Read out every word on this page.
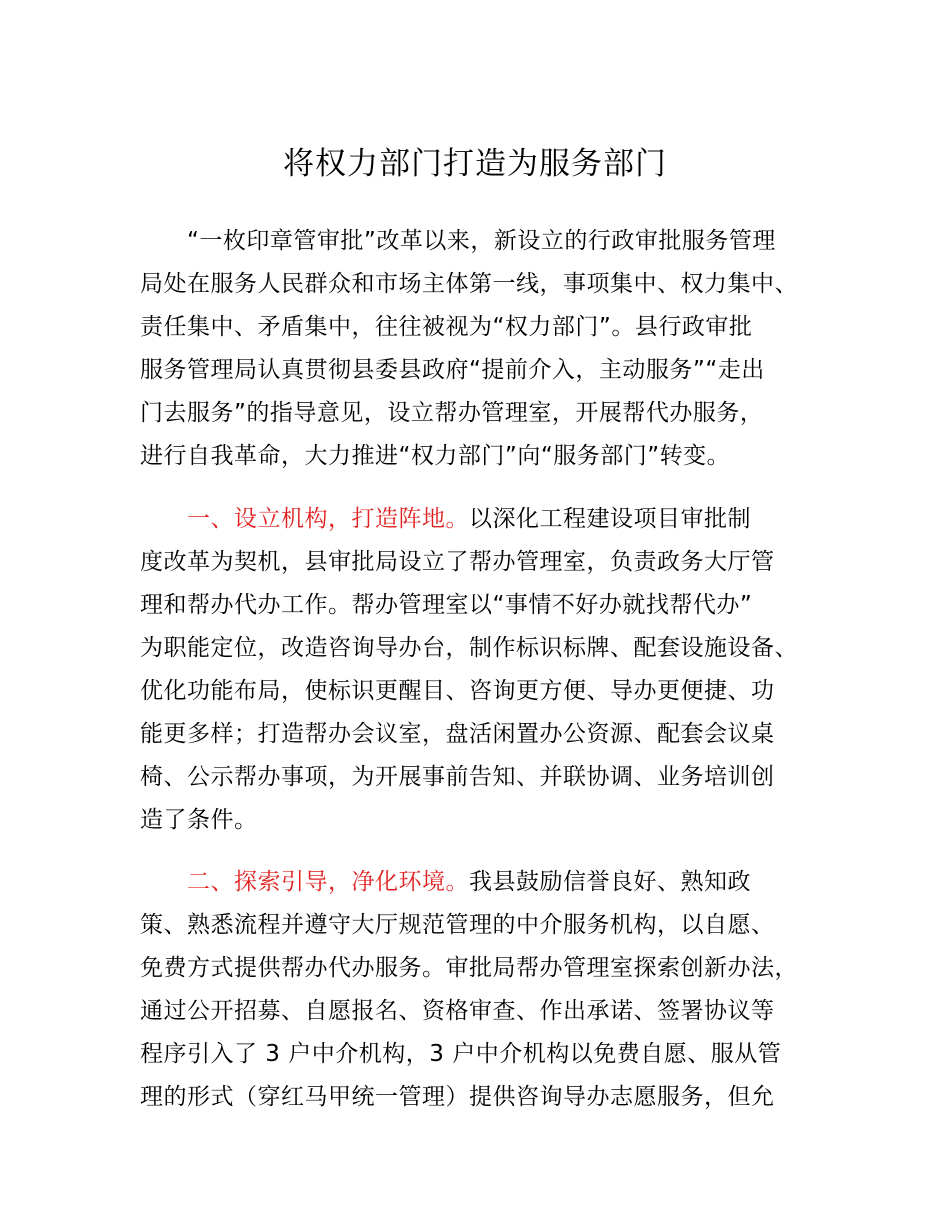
将权力部门打造为服务部门
“一枚印章管审批”改革以来，新设立的行政审批服务管理
局处在服务人民群众和市场主体第一线，事项集中、权力集中、
责任集中、矛盾集中，往往被视为“权力部门”。县行政审批
服务管理局认真贯彻县委县政府“提前介入，主动服务”“走出
门去服务”的指导意见，设立帮办管理室，开展帮代办服务，
进行自我革命，大力推进“权力部门”向“服务部门”转变。
一、设立机构，打造阵地。以深化工程建设项目审批制
度改革为契机，县审批局设立了帮办管理室，负责政务大厅管
理和帮办代办工作。帮办管理室以“事情不好办就找帮代办”
为职能定位，改造咨询导办台，制作标识标牌、配套设施设备、
优化功能布局，使标识更醒目、咨询更方便、导办更便捷、功
能更多样；打造帮办会议室，盘活闲置办公资源、配套会议桌
椅、公示帮办事项，为开展事前告知、并联协调、业务培训创
造了条件。
二、探索引导，净化环境。我县鼓励信誉良好、熟知政
策、熟悉流程并遵守大厅规范管理的中介服务机构，以自愿、
免费方式提供帮办代办服务。审批局帮办管理室探索创新办法，
通过公开招募、自愿报名、资格审查、作出承诺、签署协议等
程序引入了 3 户中介机构，3 户中介机构以免费自愿、服从管
理的形式（穿红马甲统一管理）提供咨询导办志愿服务，但允
